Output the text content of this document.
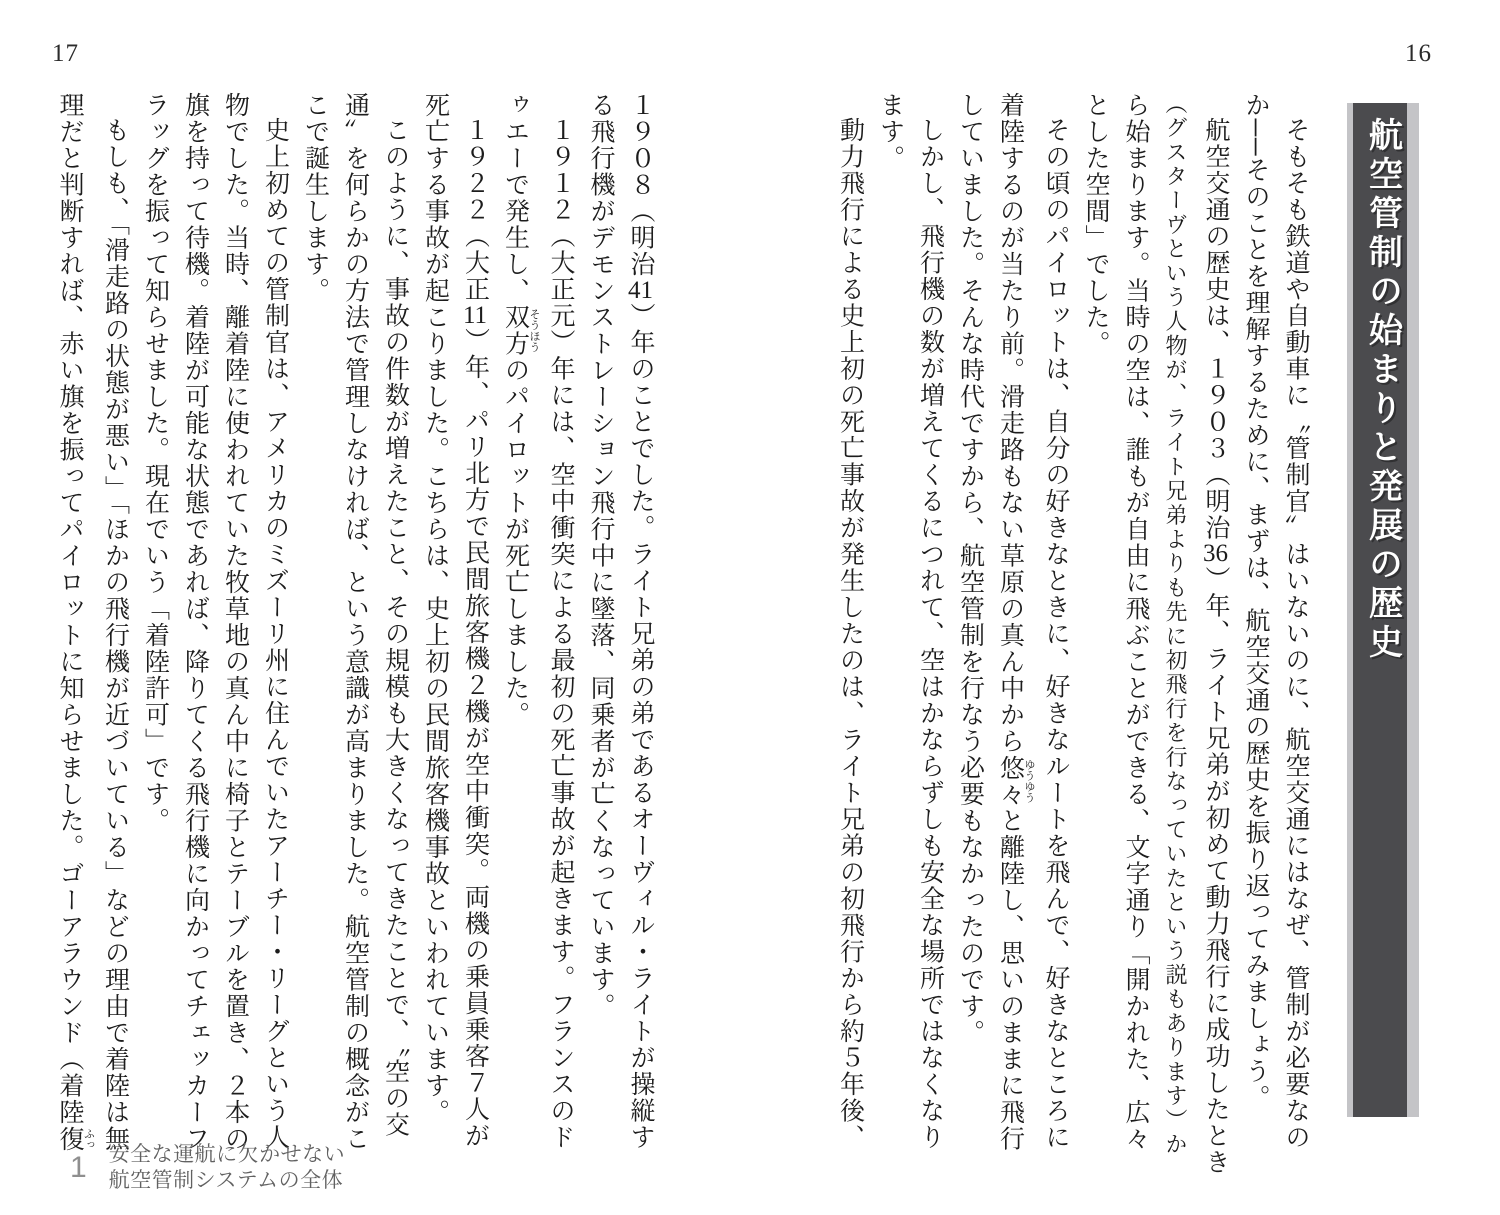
17	16
航空管制の始まりと発展の歴史
そもそも鉄道や自動車に〝管制官〟はいないのに、航空交通にはなぜ、管制が必要なの
か──そのことを理解するために、まずは、航空交通の歴史を振り返ってみましょう。
航空交通の歴史は、１９０３（明治36）年、ライト兄弟が初めて動力飛行に成功したとき
（グスターヴという人物が、ライト兄弟よりも先に初飛行を行なっていたという説もあります）か
ら始まります。当時の空は、誰もが自由に飛ぶことができる、文字通り「開かれた、広々
とした空間」でした。
その頃のパイロットは、自分の好きなときに、好きなルートを飛んで、好きなところに
着陸するのが当たり前。滑走路もない草原の真ん中から悠々 ゆうゆうと離陸し、思いのままに飛行
していました。そんな時代ですから、航空管制を行なう必要もなかったのです。
しかし、飛行機の数が増えてくるにつれて、空はかならずしも安全な場所ではなくなり
ます。
動力飛行による史上初の死亡事故が発生したのは、ライト兄弟の初飛行から約５年後、
１９０８（明治41）年のことでした。ライト兄弟の弟であるオーヴィル・ライトが操縦す
る飛行機がデモンストレーション飛行中に墜落、同乗者が亡くなっています。
１９１２（大正元）年には、空中衝突による最初の死亡事故が起きます。フランスのド
ゥエーで発生し、双方 そうほうのパイロットが死亡しました。
１９２２（大正11）年、パリ北方で民間旅客機２機が空中衝突。両機の乗員乗客７人が
死亡する事故が起こりました。こちらは、史上初の民間旅客機事故といわれています。
このように、事故の件数が増えたこと、その規模も大きくなってきたことで、〝空の交
通〟を何らかの方法で管理しなければ、という意識が高まりました。航空管制の概念がこ
こで誕生します。
史上初めての管制官は、アメリカのミズーリ州に住んでいたアーチー・リーグという人
物でした。当時、離着陸に使われていた牧草地の真ん中に椅子とテーブルを置き、２本の
旗を持って待機。着陸が可能な状態であれば、降りてくる飛行機に向かってチェッカーフ
ラッグを振って知らせました。現在でいう「着陸許可」です。
もしも、「滑走路の状態が悪い」「ほかの飛行機が近づいている」などの理由で着陸は無
理だと判断すれば、赤い旗を振ってパイロットに知らせました。ゴーアラウンド（着陸復 ふっ
1 安全な運航に欠かせない
航空管制システムの全体
